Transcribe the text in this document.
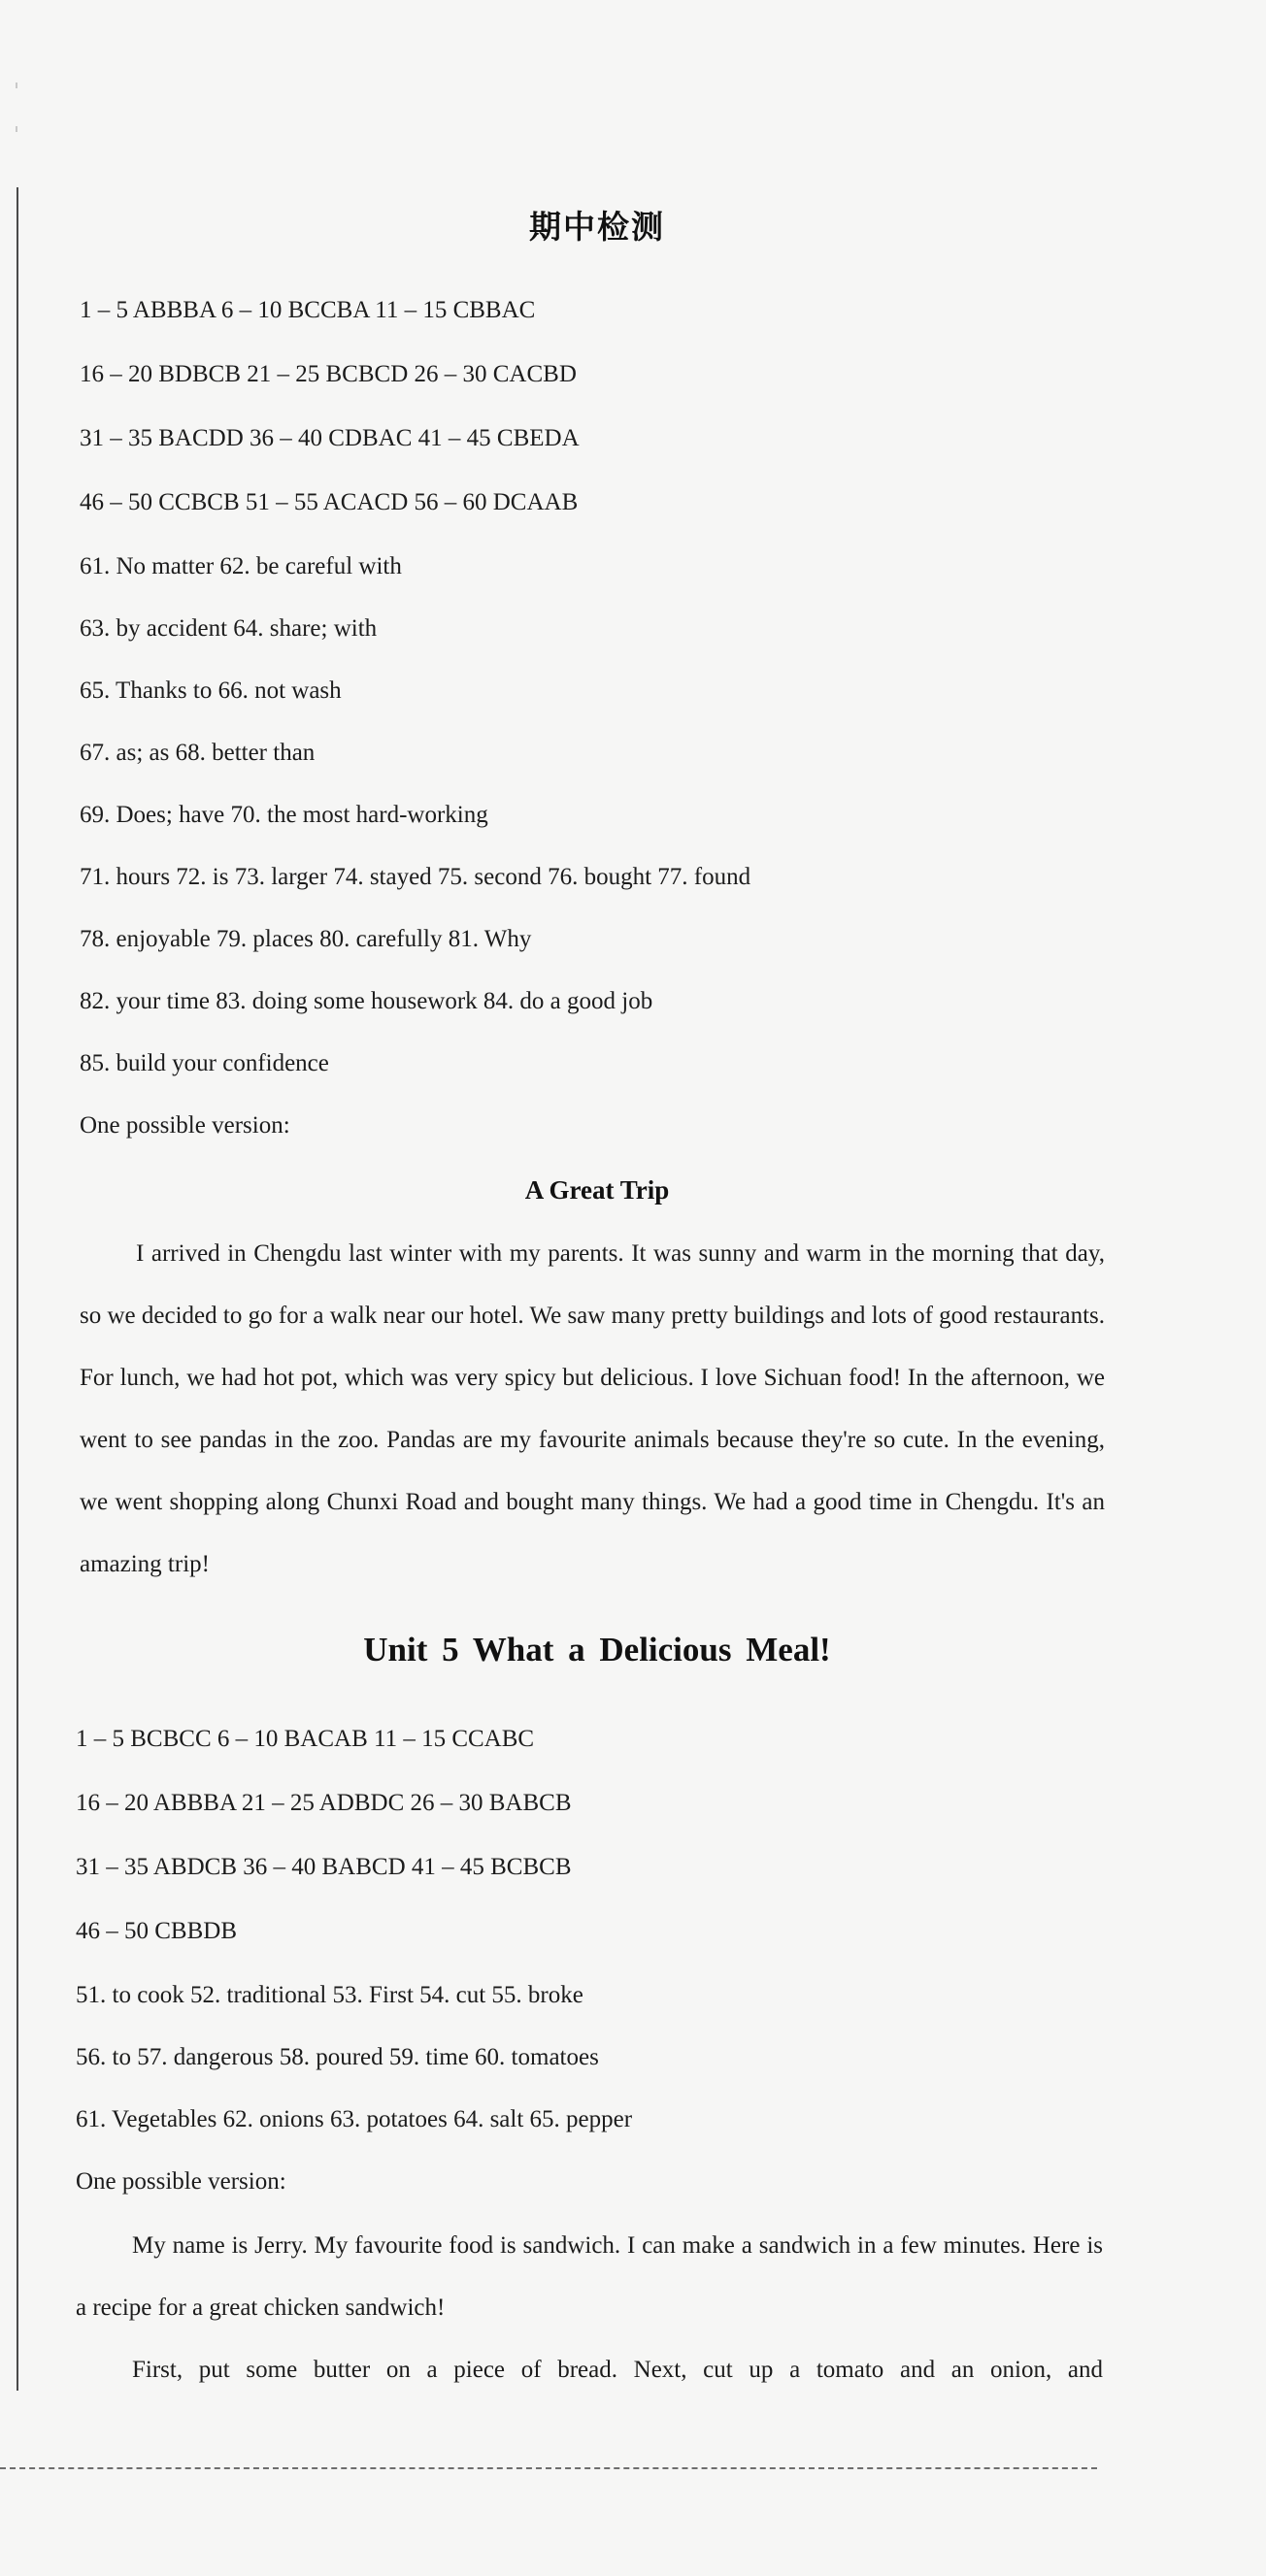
期中检测
1 – 5 ABBBA 6 – 10 BCCBA 11 – 15 CBBAC
16 – 20 BDBCB 21 – 25 BCBCD 26 – 30 CACBD
31 – 35 BACDD 36 – 40 CDBAC 41 – 45 CBEDA
46 – 50 CCBCB 51 – 55 ACACD 56 – 60 DCAAB
61. No matter 62. be careful with
63. by accident 64. share; with
65. Thanks to 66. not wash
67. as; as 68. better than
69. Does; have 70. the most hard-working
71. hours 72. is 73. larger 74. stayed 75. second 76. bought 77. found
78. enjoyable 79. places 80. carefully 81. Why
82. your time 83. doing some housework 84. do a good job
85. build your confidence
One possible version:
A Great Trip
I arrived in Chengdu last winter with my parents. It was sunny and warm in the morning that day, so we decided to go for a walk near our hotel. We saw many pretty buildings and lots of good restaurants. For lunch, we had hot pot, which was very spicy but delicious. I love Sichuan food! In the afternoon, we went to see pandas in the zoo. Pandas are my favourite animals because they're so cute. In the evening, we went shopping along Chunxi Road and bought many things. We had a good time in Chengdu. It's an amazing trip!
Unit 5 What a Delicious Meal!
1 – 5 BCBCC 6 – 10 BACAB 11 – 15 CCABC
16 – 20 ABBBA 21 – 25 ADBDC 26 – 30 BABCB
31 – 35 ABDCB 36 – 40 BABCD 41 – 45 BCBCB
46 – 50 CBBDB
51. to cook 52. traditional 53. First 54. cut 55. broke
56. to 57. dangerous 58. poured 59. time 60. tomatoes
61. Vegetables 62. onions 63. potatoes 64. salt 65. pepper
One possible version:
My name is Jerry. My favourite food is sandwich. I can make a sandwich in a few minutes. Here is a recipe for a great chicken sandwich!
First, put some butter on a piece of bread. Next, cut up a tomato and an onion, and
